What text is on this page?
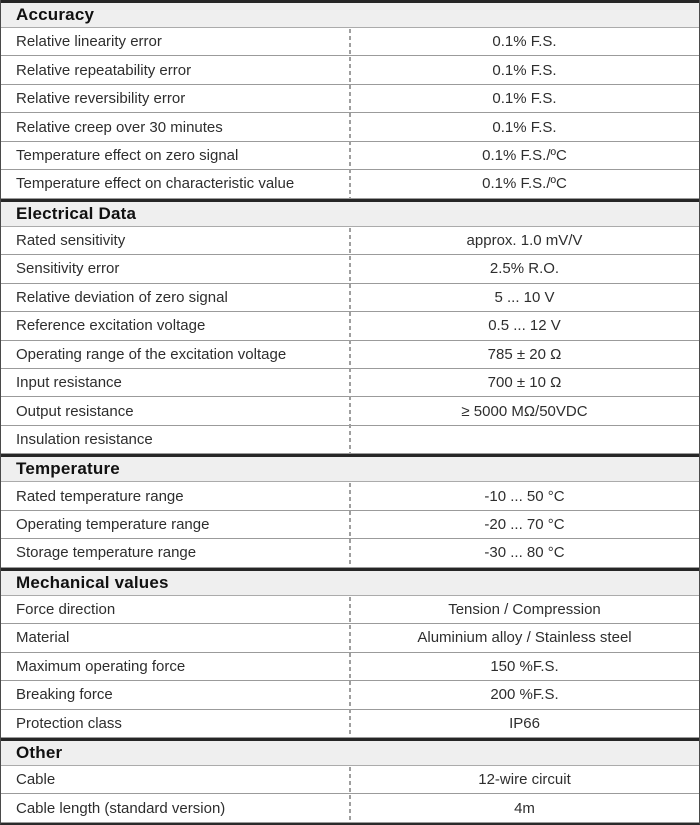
Accuracy
Relative linearity error	0.1% F.S.
Relative repeatability error	0.1% F.S.
Relative reversibility error	0.1% F.S.
Relative creep over 30 minutes	0.1% F.S.
Temperature effect on zero signal	0.1% F.S./ºC
Temperature effect on characteristic value	0.1% F.S./ºC
Electrical Data
Rated sensitivity	approx. 1.0 mV/V
Sensitivity error	2.5% R.O.
Relative deviation of zero signal	5 ... 10 V
Reference excitation voltage	0.5 ... 12 V
Operating range of the excitation voltage	785 ± 20 Ω
Input resistance	700 ± 10 Ω
Output resistance	≥ 5000 MΩ/50VDC
Insulation resistance
Temperature
Rated temperature range	-10 ... 50 °C
Operating temperature range	-20 ... 70 °C
Storage temperature range	-30 ... 80 °C
Mechanical values
Force direction	Tension / Compression
Material	Aluminium alloy / Stainless steel
Maximum operating force	150 %F.S.
Breaking force	200 %F.S.
Protection class	IP66
Other
Cable	12-wire circuit
Cable length (standard version)	4m
